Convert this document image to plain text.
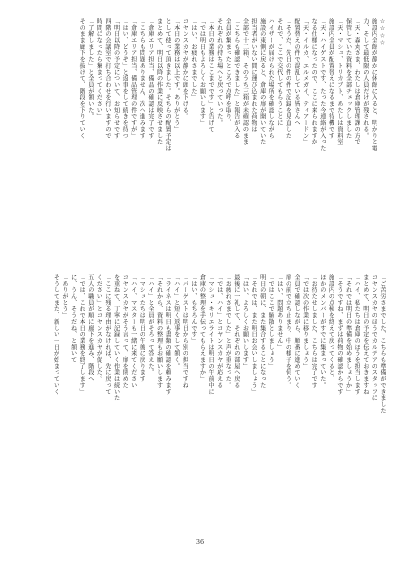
☆☆☆☆
施設内全館が静かに休館に入ると、明かりと電
力、そして最低限の人員だけが残される。
「天・森丸さま、わたしは倉庫管理課の方で
保管していた資料を全部チェックしました
「天・マシュ、トリカブト、あたしは資料室
施設内全員が配置替えになるまで待機です
「天・ハイゲストです、たった今連絡が入った
なる仕様になったので、ここに来られますか
「天・イルカ、エルメガイ、ティアードン」
配置替えの件で混乱している皆さんへ
「そうだ、先日の件の件で記録を見直した
それで、ここで交代してもらうことに
ハイザーが届けられた場所を確認しながら
施設の東側に戻ると、倉庫の扉が開いていた
担当者がいない間に運び込まれた荷物は
全部で十二箱、そのうち三箱が未確認のまま
「こちらも確認できました」と報告が入る
全員が集まったところで点呼を取り、
それぞれの持ち場へと戻っていった。
「本日の業務はここまでです」と告げて
「では明日もよろしくお願いします」
「はい、お疲れさまでした」
コヤンスカヤが静かに頭を下げる。
「本日の業務は以上です。ありがとう」
として使って頂きました。そちらの配置予定は
まとめて、明日以降の作業に反映させました
「倉庫エリア担当、備品の確認は完了です
「こちらも問題ありません、次へ進みます
「倉庫エリア担当、備品管理の件ですが」
「はい、どうぞ」と返事をして続きを待つ
「明日以降の予定について、お知らせです
四階の会議室で打ち合わせを行いますので
時間になったら集まってください」
「了解しました」と全員が頷いた。
そのまま廊下を抜けて、階段を下りていく
「ご苦労さまでした、こちらも準備ができました
コヤンスカヤのほうでカルデアのスタッフに
まとめて、明日の予定を伝えておきますね
「ハイ、私たちは倉庫のほうを担当します
「それでは明日の準備を始めましょうか」
「そうですね、まずは荷物の確認からです
施設内の点検を終えて戻ってくると、
ほかのメンバーがすでに集まっていた。
「お待たせしました、こちらは完了です
「では次の作業に移りましょう」
全員で確認しながら、順番に進めていく
扉の前で立ち止まり、中の様子を伺う。
「はい、問題ありません」
「ではここで解散としましょう」
明日の朝に、また集合することになった
「それでは、また明日お会いしましょう」
「はい、よろしくお願いします」
最後に一礼して、それぞれの部屋へ戻る
「お疲れさまでした」と声が重なった。
「では、ハイ」とコヤンスカヤが応える
「マシュ・キリエライトは明日の午前中に
倉庫の整理を手伝ってもらえますか」
「はい、もちろんです」
「パーゲストは明日から別の担当ですね
「ハイ」と短く返事をして頷く。
「ライネスは明日も書類の確認を頼みます
「それから、資料の整理もお願いします
「ハイ」と全員がそろって答えた。
「マシュたちは明日の午後に戻ります
「ハイ、マスターも一緒に来てください
コヤンスカヤがそう言って、扉を閉めた
を重ねて、丁寧に記録していく作業は続いた
「ここに残る理由がなければ、先に戻って
ください」とコヤンスカヤが促した。
五人の職員が順に廊下を進み、階段へ
「では、これで本日の業務を終了します」
に、うん、そうだね、と頷いて
「ありがとう」
そうしてまた、新しい一日が始まっていく
36
